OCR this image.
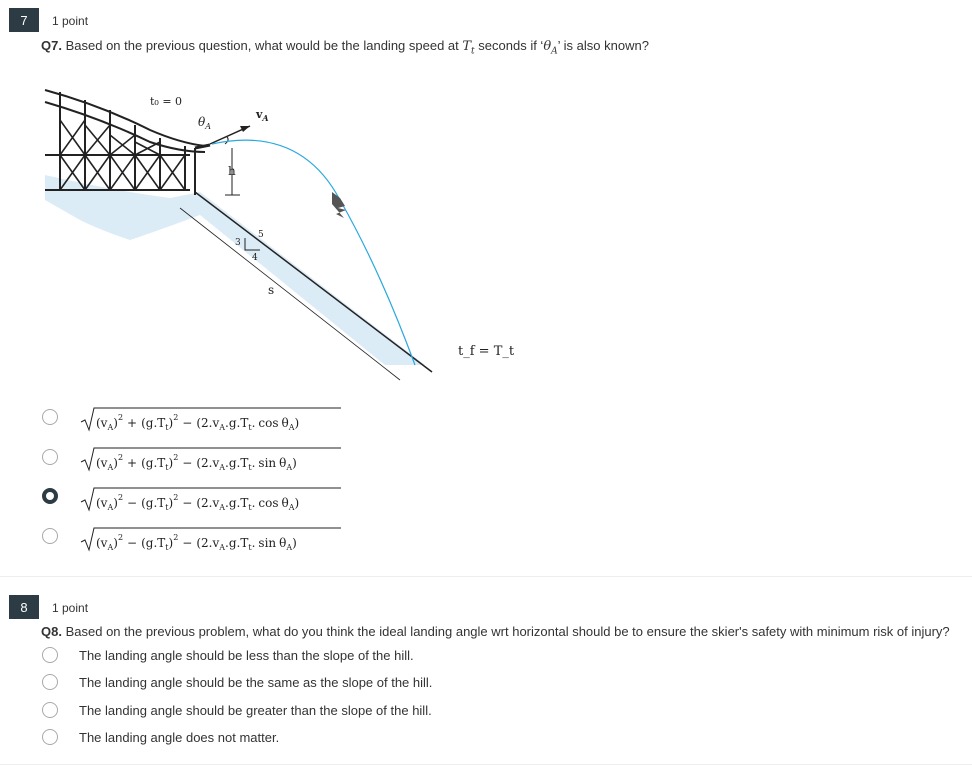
7	1 point
Q7. Based on the previous question, what would be the landing speed at $T_t$ seconds if ‘$\theta_A$’ is also known?
t₀ = 0
$\theta_A$
$v_A$
h
3
5
4
s
t_f = T_t
$(v_A)^2 + (g.T_t)^2 - (2.v_A.g.T_t$. $\cos \theta_A$)
$(v_A)^2 + (g.T_t)^2 - (2.v_A.g.T_t$. $\sin \theta_A$)
$(v_A)^2 - (g.T_t)^2 - (2.v_A.g.T_t$. $\cos \theta_A$)
$(v_A)^2 - (g.T_t)^2 - (2.v_A.g.T_t$. $\sin \theta_A$)
8	1 point
Q8. Based on the previous problem, what do you think the ideal landing angle wrt horizontal should be to ensure the skier's safety with minimum risk of injury?
The landing angle should be less than the slope of the hill.
The landing angle should be the same as the slope of the hill.
The landing angle should be greater than the slope of the hill.
The landing angle does not matter.
